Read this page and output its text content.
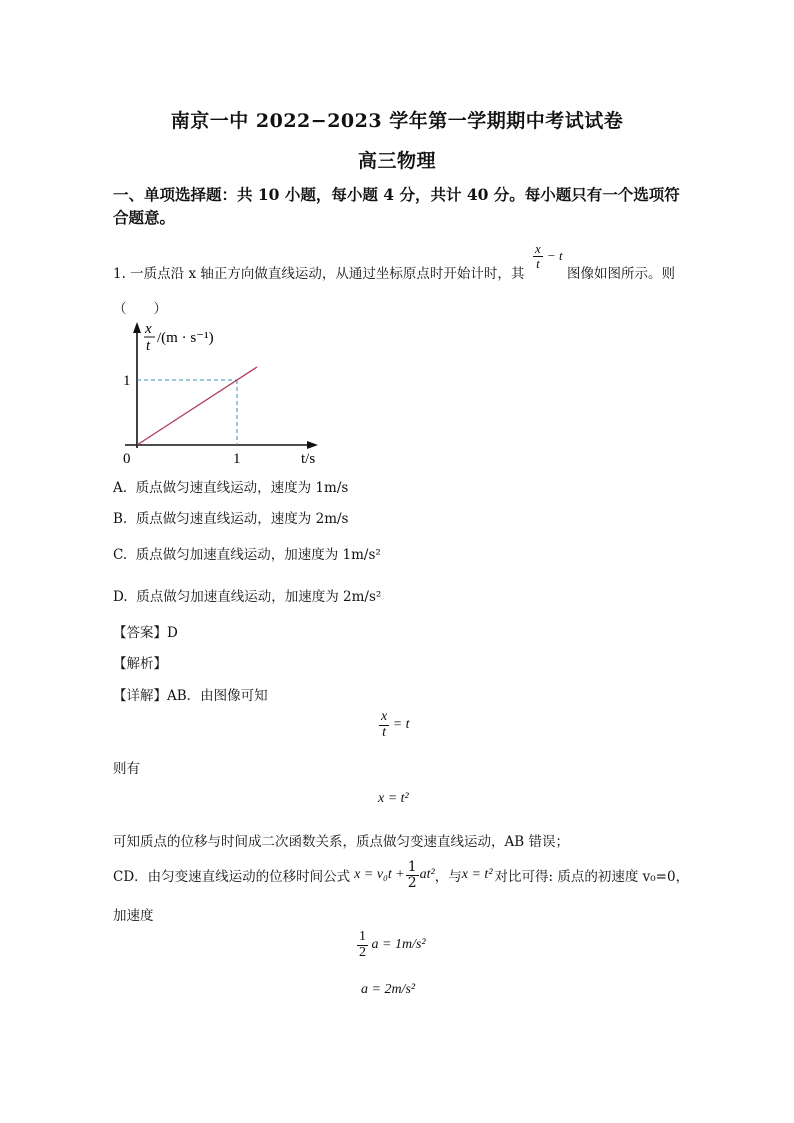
南京一中 2022−2023 学年第一学期期中考试试卷
高三物理
一、单项选择题：共 10 小题，每小题 4 分，共计 40 分。每小题只有一个选项符
合题意。
1. 一质点沿 x 轴正方向做直线运动，从通过坐标原点时开始计时，其
$\frac{x}{t} - t$
图像如图所示。则
（　　）
x
t /(m · s⁻¹)
1
0	1	t/s
A. 质点做匀速直线运动，速度为 1m/s
B. 质点做匀速直线运动，速度为 2m/s
C. 质点做匀加速直线运动，加速度为 1m/s²
D. 质点做匀加速直线运动，加速度为 2m/s²
【答案】D
【解析】
【详解】AB．由图像可知
$\frac{x}{t} = t$
则有
x = t²
可知质点的位移与时间成二次函数关系，质点做匀变速直线运动，AB 错误；
CD．由匀变速直线运动的位移时间公式 $x = v_0t + \frac{1}{2} at^2$ ，与 x = t² 对比可得: 质点的初速度 v₀=0，
加速度
$\frac{1}{2}$ a = 1m/s²
a = 2m/s²
